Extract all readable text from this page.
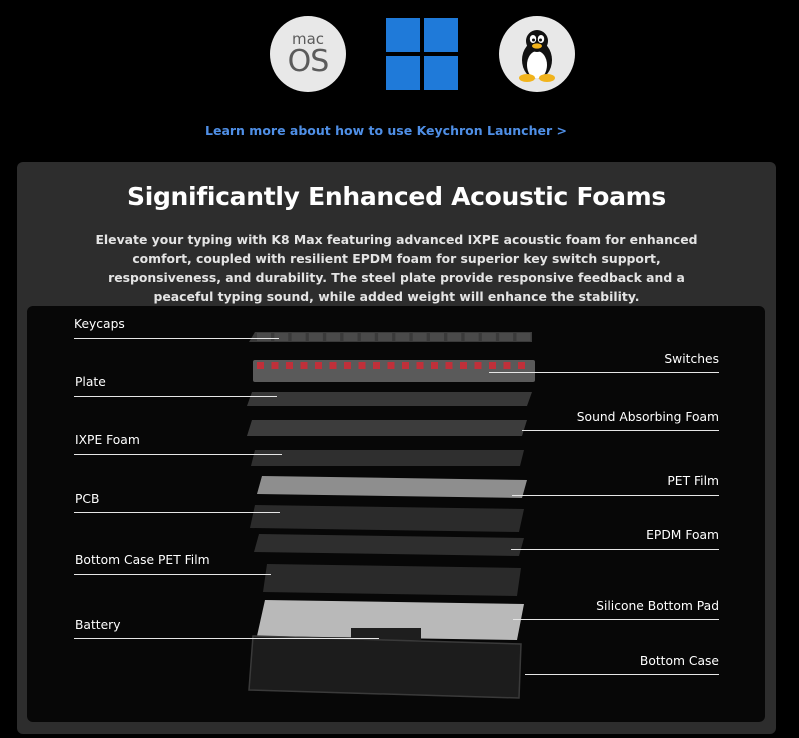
mac
OS
Learn more about how to use Keychron Launcher >
Significantly Enhanced Acoustic Foams
Elevate your typing with K8 Max featuring advanced IXPE acoustic foam for enhanced comfort, coupled with resilient EPDM foam for superior key switch support, responsiveness, and durability. The steel plate provide responsive feedback and a peaceful typing sound, while added weight will enhance the stability.
Keycaps
Plate
IXPE Foam
PCB
Bottom Case PET Film
Battery
Switches
Sound Absorbing Foam
PET Film
EPDM Foam
Silicone Bottom Pad
Bottom Case
